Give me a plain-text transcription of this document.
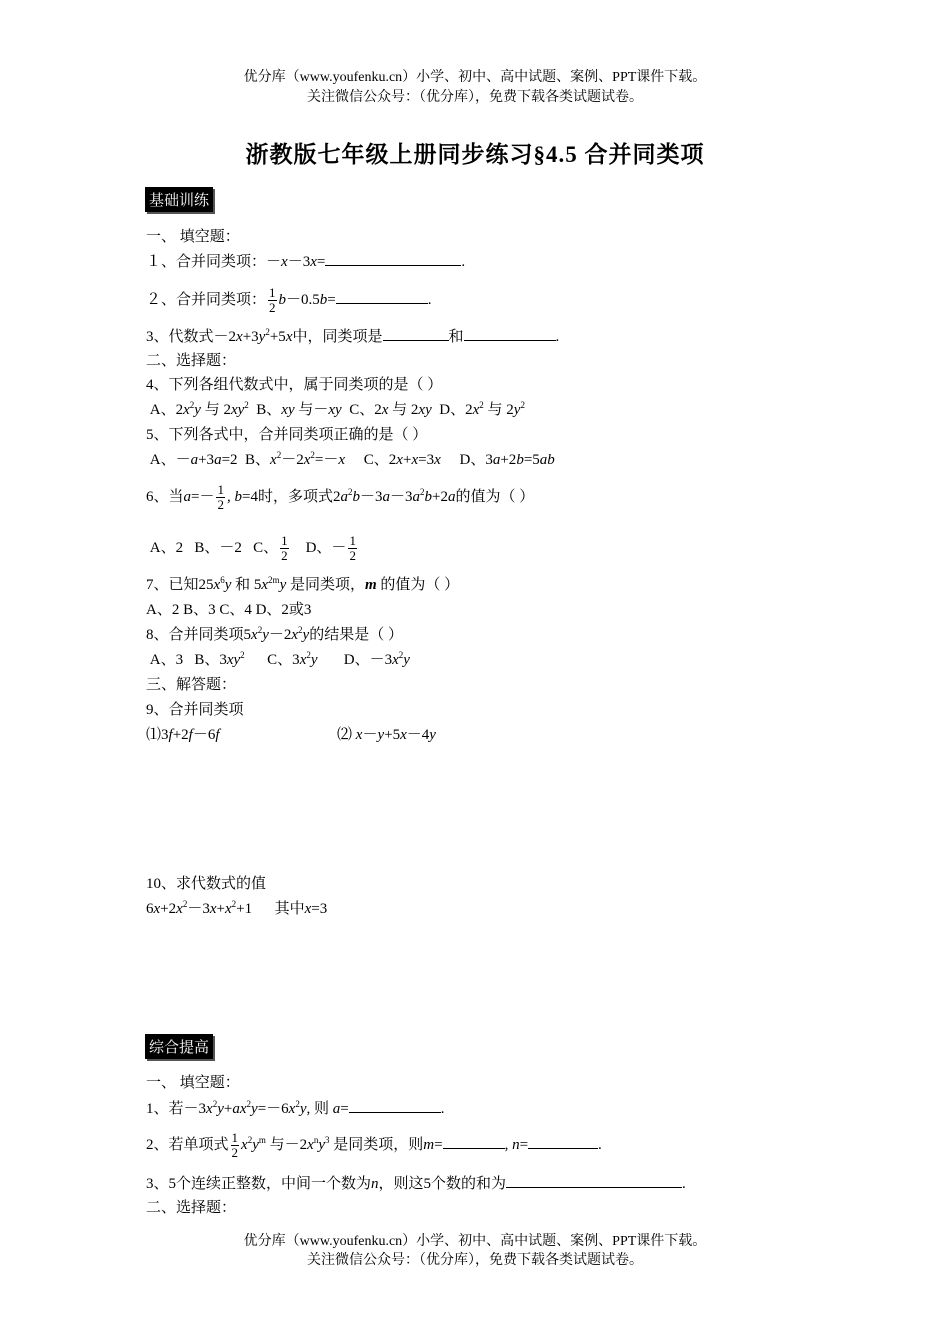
优分库（www.youfenku.cn）小学、初中、高中试题、案例、PPT课件下载。
关注微信公众号：（优分库），免费下载各类试题试卷。
浙教版七年级上册同步练习§4.5 合并同类项
基础训练
一、 填空题：
１、合并同类项：－x－3x=	.
２、合并同类项： $\frac{1}{2} b-0.5b=$	.
3、代数式$-2x+3y^2+5x$中，同类项是	和	.
二、选择题：
4、下列各组代数式中，属于同类项的是（ ）
A、$2x^2y$ 与 $2xy^2$  B、xy 与－xy  C、2x 与 2xy  D、$2x^2$ 与 $2y^2$
5、下列各式中，合并同类项正确的是（ ）
A、－a+3a=2  B、$x^2-2x^2=-x$     C、2x+x=3x     D、3a+2b=5ab
6、当$a=- \frac{1}{2}$ , b=4时，多项式$2a^2b-3a-3a^2b+2a$的值为（ ）
A、2   B、－2   C、 $\frac{1}{2}$ D、－ $\frac{1}{2}$
7、已知$25x^6y$ 和 $5x^{2m}y$ 是同类项，m 的值为（ ）
A、2 B、3 C、4 D、2或3
8、合并同类项$5x^2y-2x^2y$的结果是（ ）
A、3   B、$3xy^2$      C、$3x^2y$       D、$-3x^2y$
三、解答题：
9、合并同类项
⑴3f+2f－6f	⑵ x－y+5x－4y
10、求代数式的值
$6x+2x^2-3x+x^2+1$      其中x=3
综合提高
一、 填空题：
1、若$-3x^2y+ax^2y=-6x^2y$, 则 a=	.
2、若单项式 $\frac{1}{2} x^2y^m$ 与$-2x^ny^3$ 是同类项，则m=	, n=	.
3、5个连续正整数，中间一个数为n，则这5个数的和为	.
二、选择题：
优分库（www.youfenku.cn）小学、初中、高中试题、案例、PPT课件下载。
关注微信公众号：（优分库），免费下载各类试题试卷。
